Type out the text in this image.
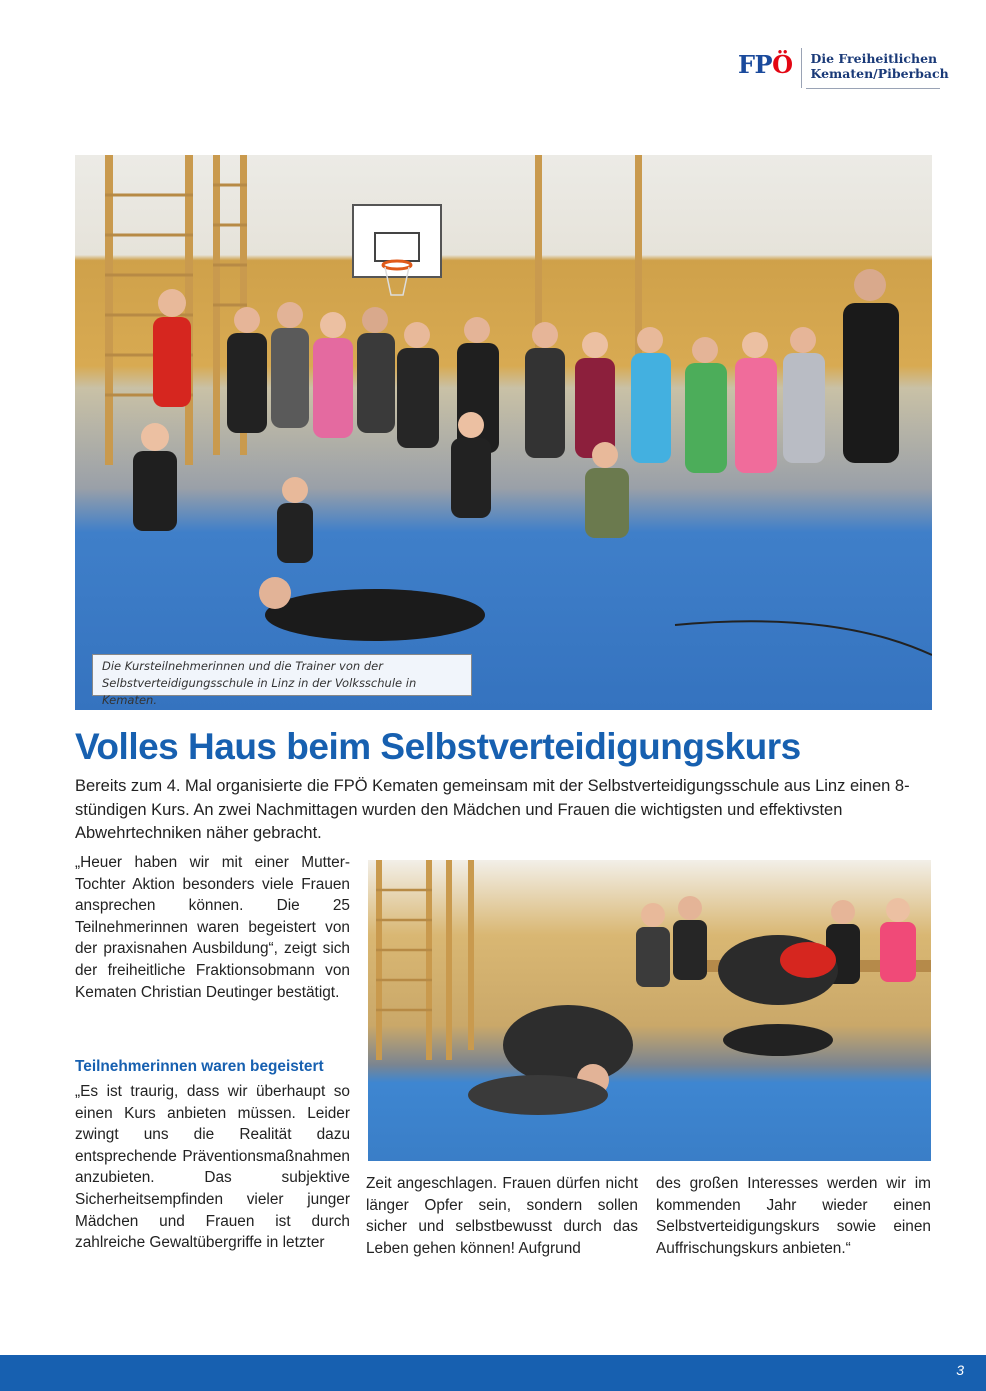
FPÖ Die Freiheitlichen
Kematen/Piberbach
Die Kursteilnehmerinnen und die Trainer von der
Selbstverteidigungsschule in Linz in der Volksschule in Kematen.
Volles Haus beim Selbstverteidigungskurs

Bereits zum 4. Mal organisierte die FPÖ Kematen gemeinsam mit der Selbstverteidigungsschule aus Linz einen 8-stündigen Kurs. An zwei Nachmittagen wurden den Mädchen und Frauen die wichtigsten und effektivsten Abwehrtechniken näher gebracht.

„Heuer haben wir mit einer Mutter-Tochter Aktion besonders viele Frauen ansprechen können. Die 25 Teilnehmerinnen waren begeistert von der praxisnahen Ausbildung“, zeigt sich der freiheitliche Fraktionsobmann von Kematen Christian Deutinger bestätigt.

Teilnehmerinnen waren begeistert

„Es ist traurig, dass wir überhaupt so einen Kurs anbieten müssen. Leider zwingt uns die Realität dazu entsprechende Präventionsmaßnahmen anzubieten. Das subjektive Sicherheitsempfinden vieler junger Mädchen und Frauen ist durch zahlreiche Gewaltübergriffe in letzter

Zeit angeschlagen. Frauen dürfen nicht länger Opfer sein, sondern sollen sicher und selbstbewusst durch das Leben gehen können! Aufgrund

des großen Interesses werden wir im kommenden Jahr wieder einen Selbstverteidigungskurs sowie einen Auffrischungskurs anbieten.“

3
